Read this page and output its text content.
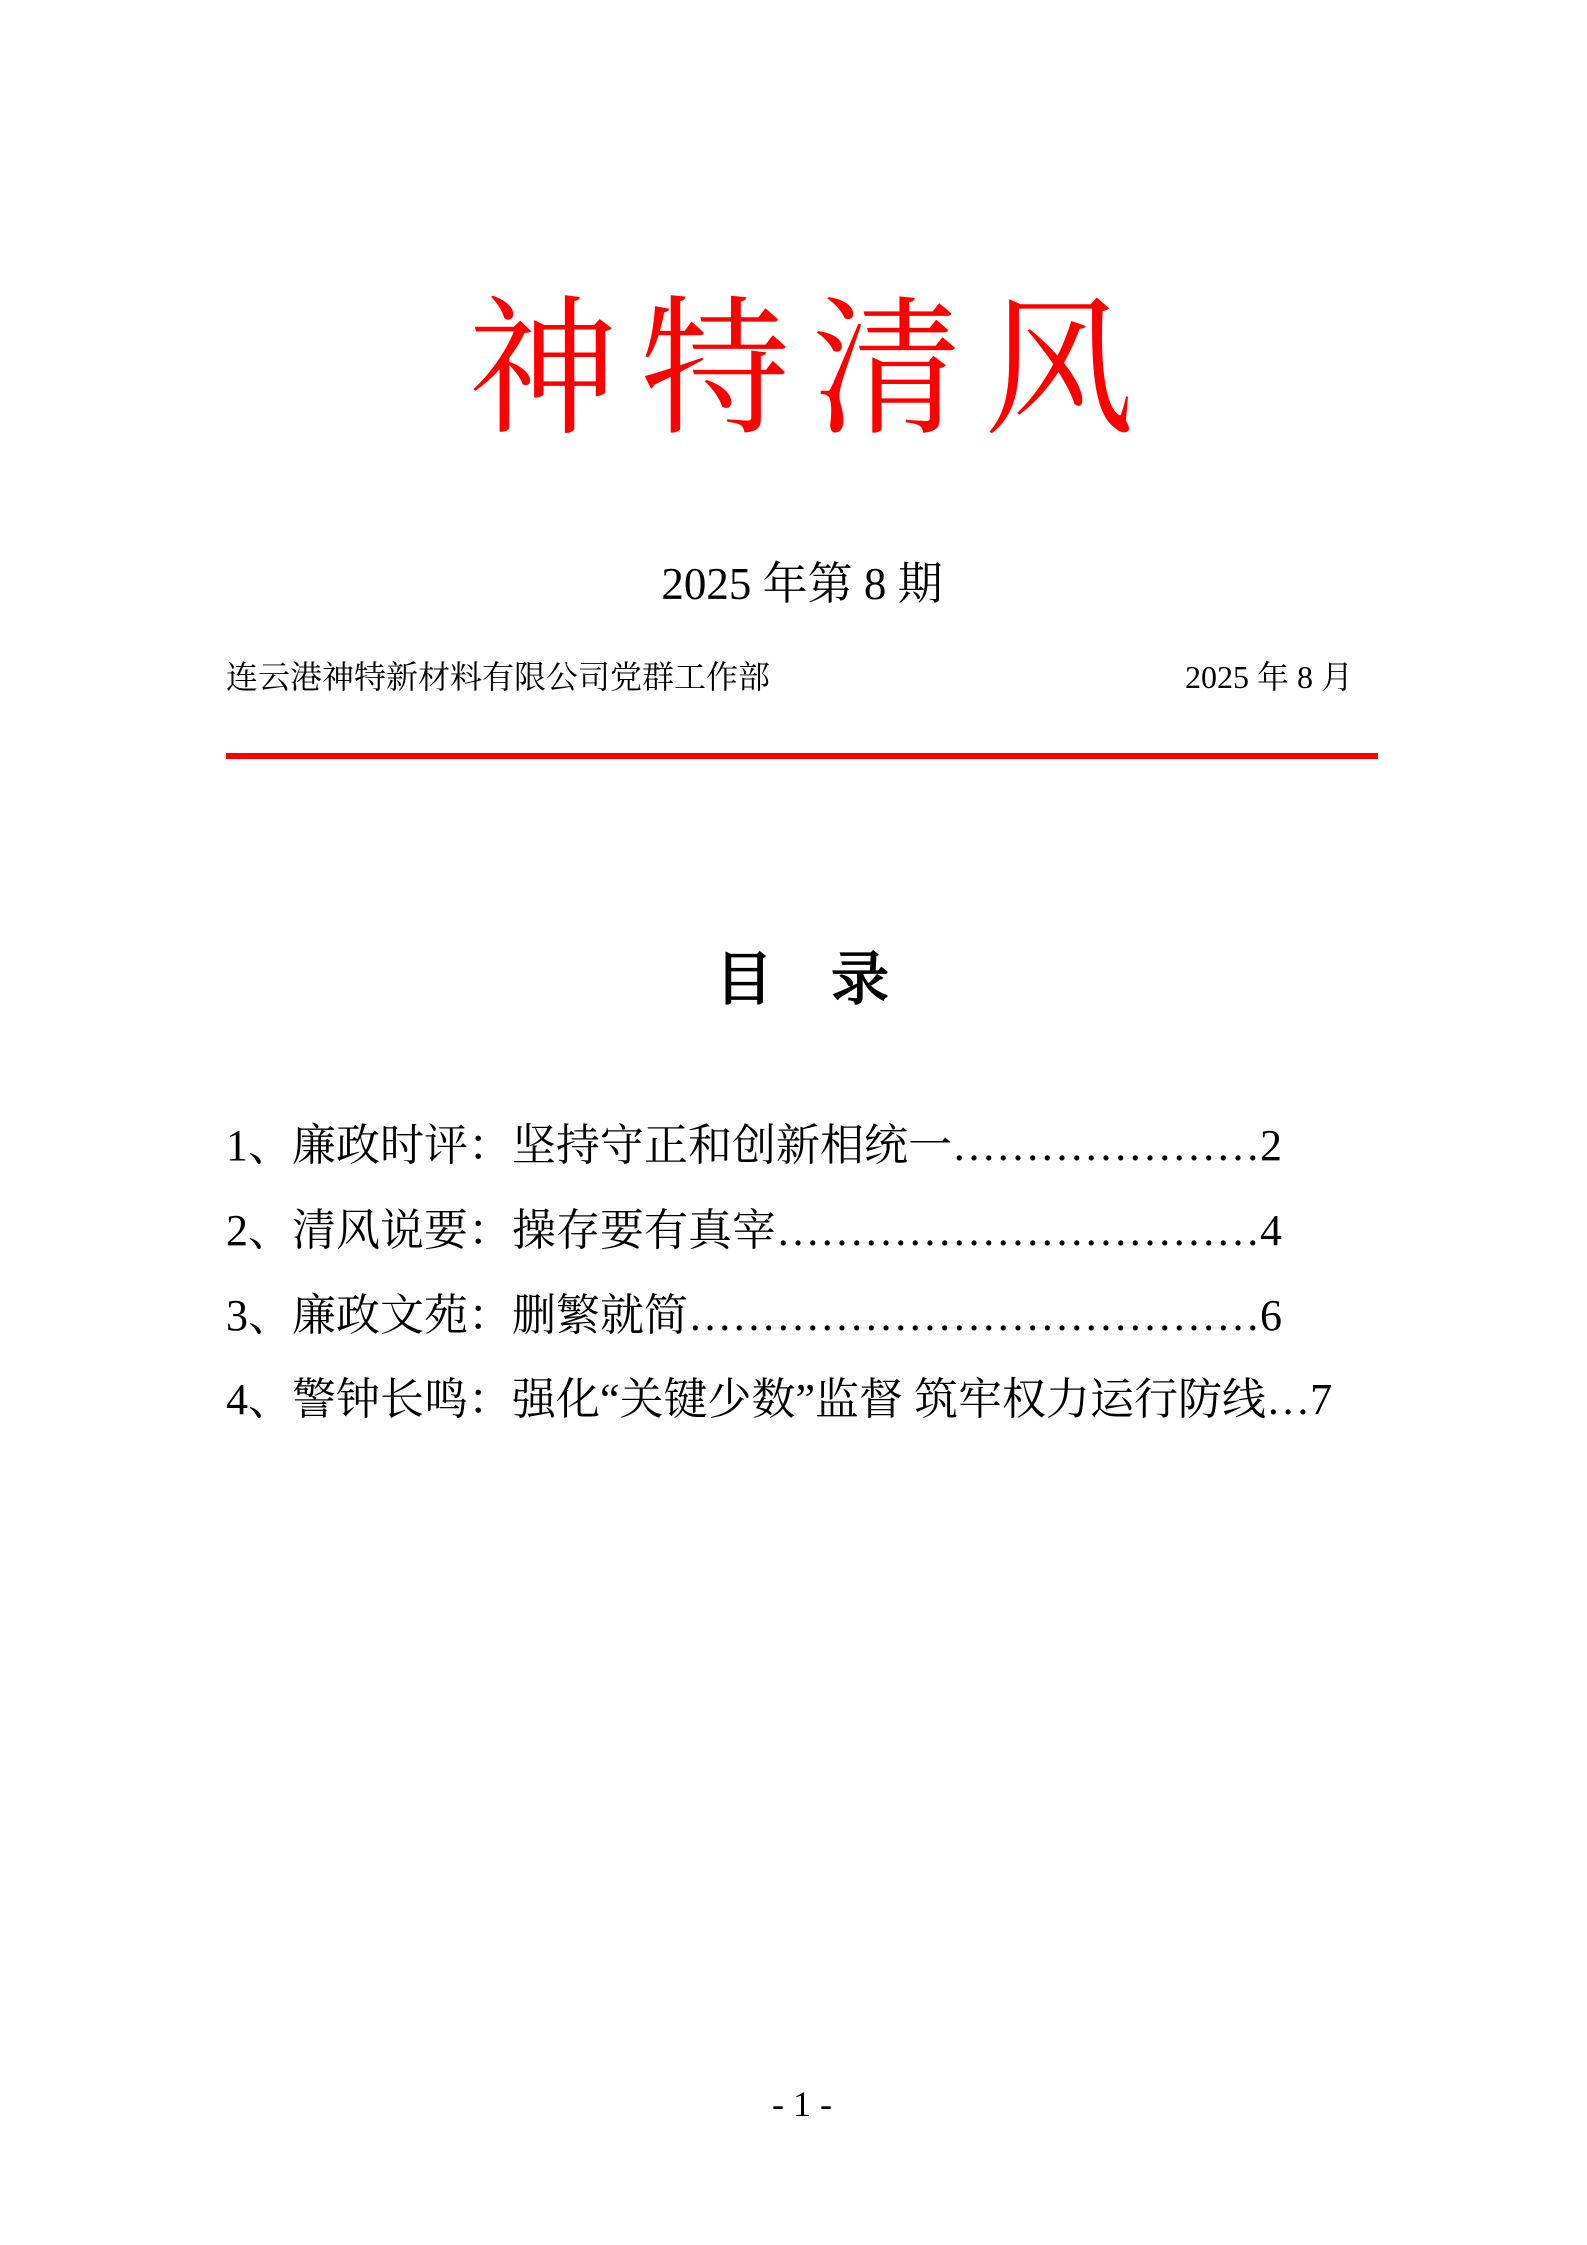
神特清风
2025 年第 8 期
连云港神特新材料有限公司党群工作部	2025 年 8 月
目　录
1、廉政时评：坚持守正和创新相统一…………………2
2、清风说要：操存要有真宰……………………………4
3、廉政文苑：删繁就简…………………………………6
4、警钟长鸣：强化“关键少数”监督 筑牢权力运行防线…7
- 1 -
